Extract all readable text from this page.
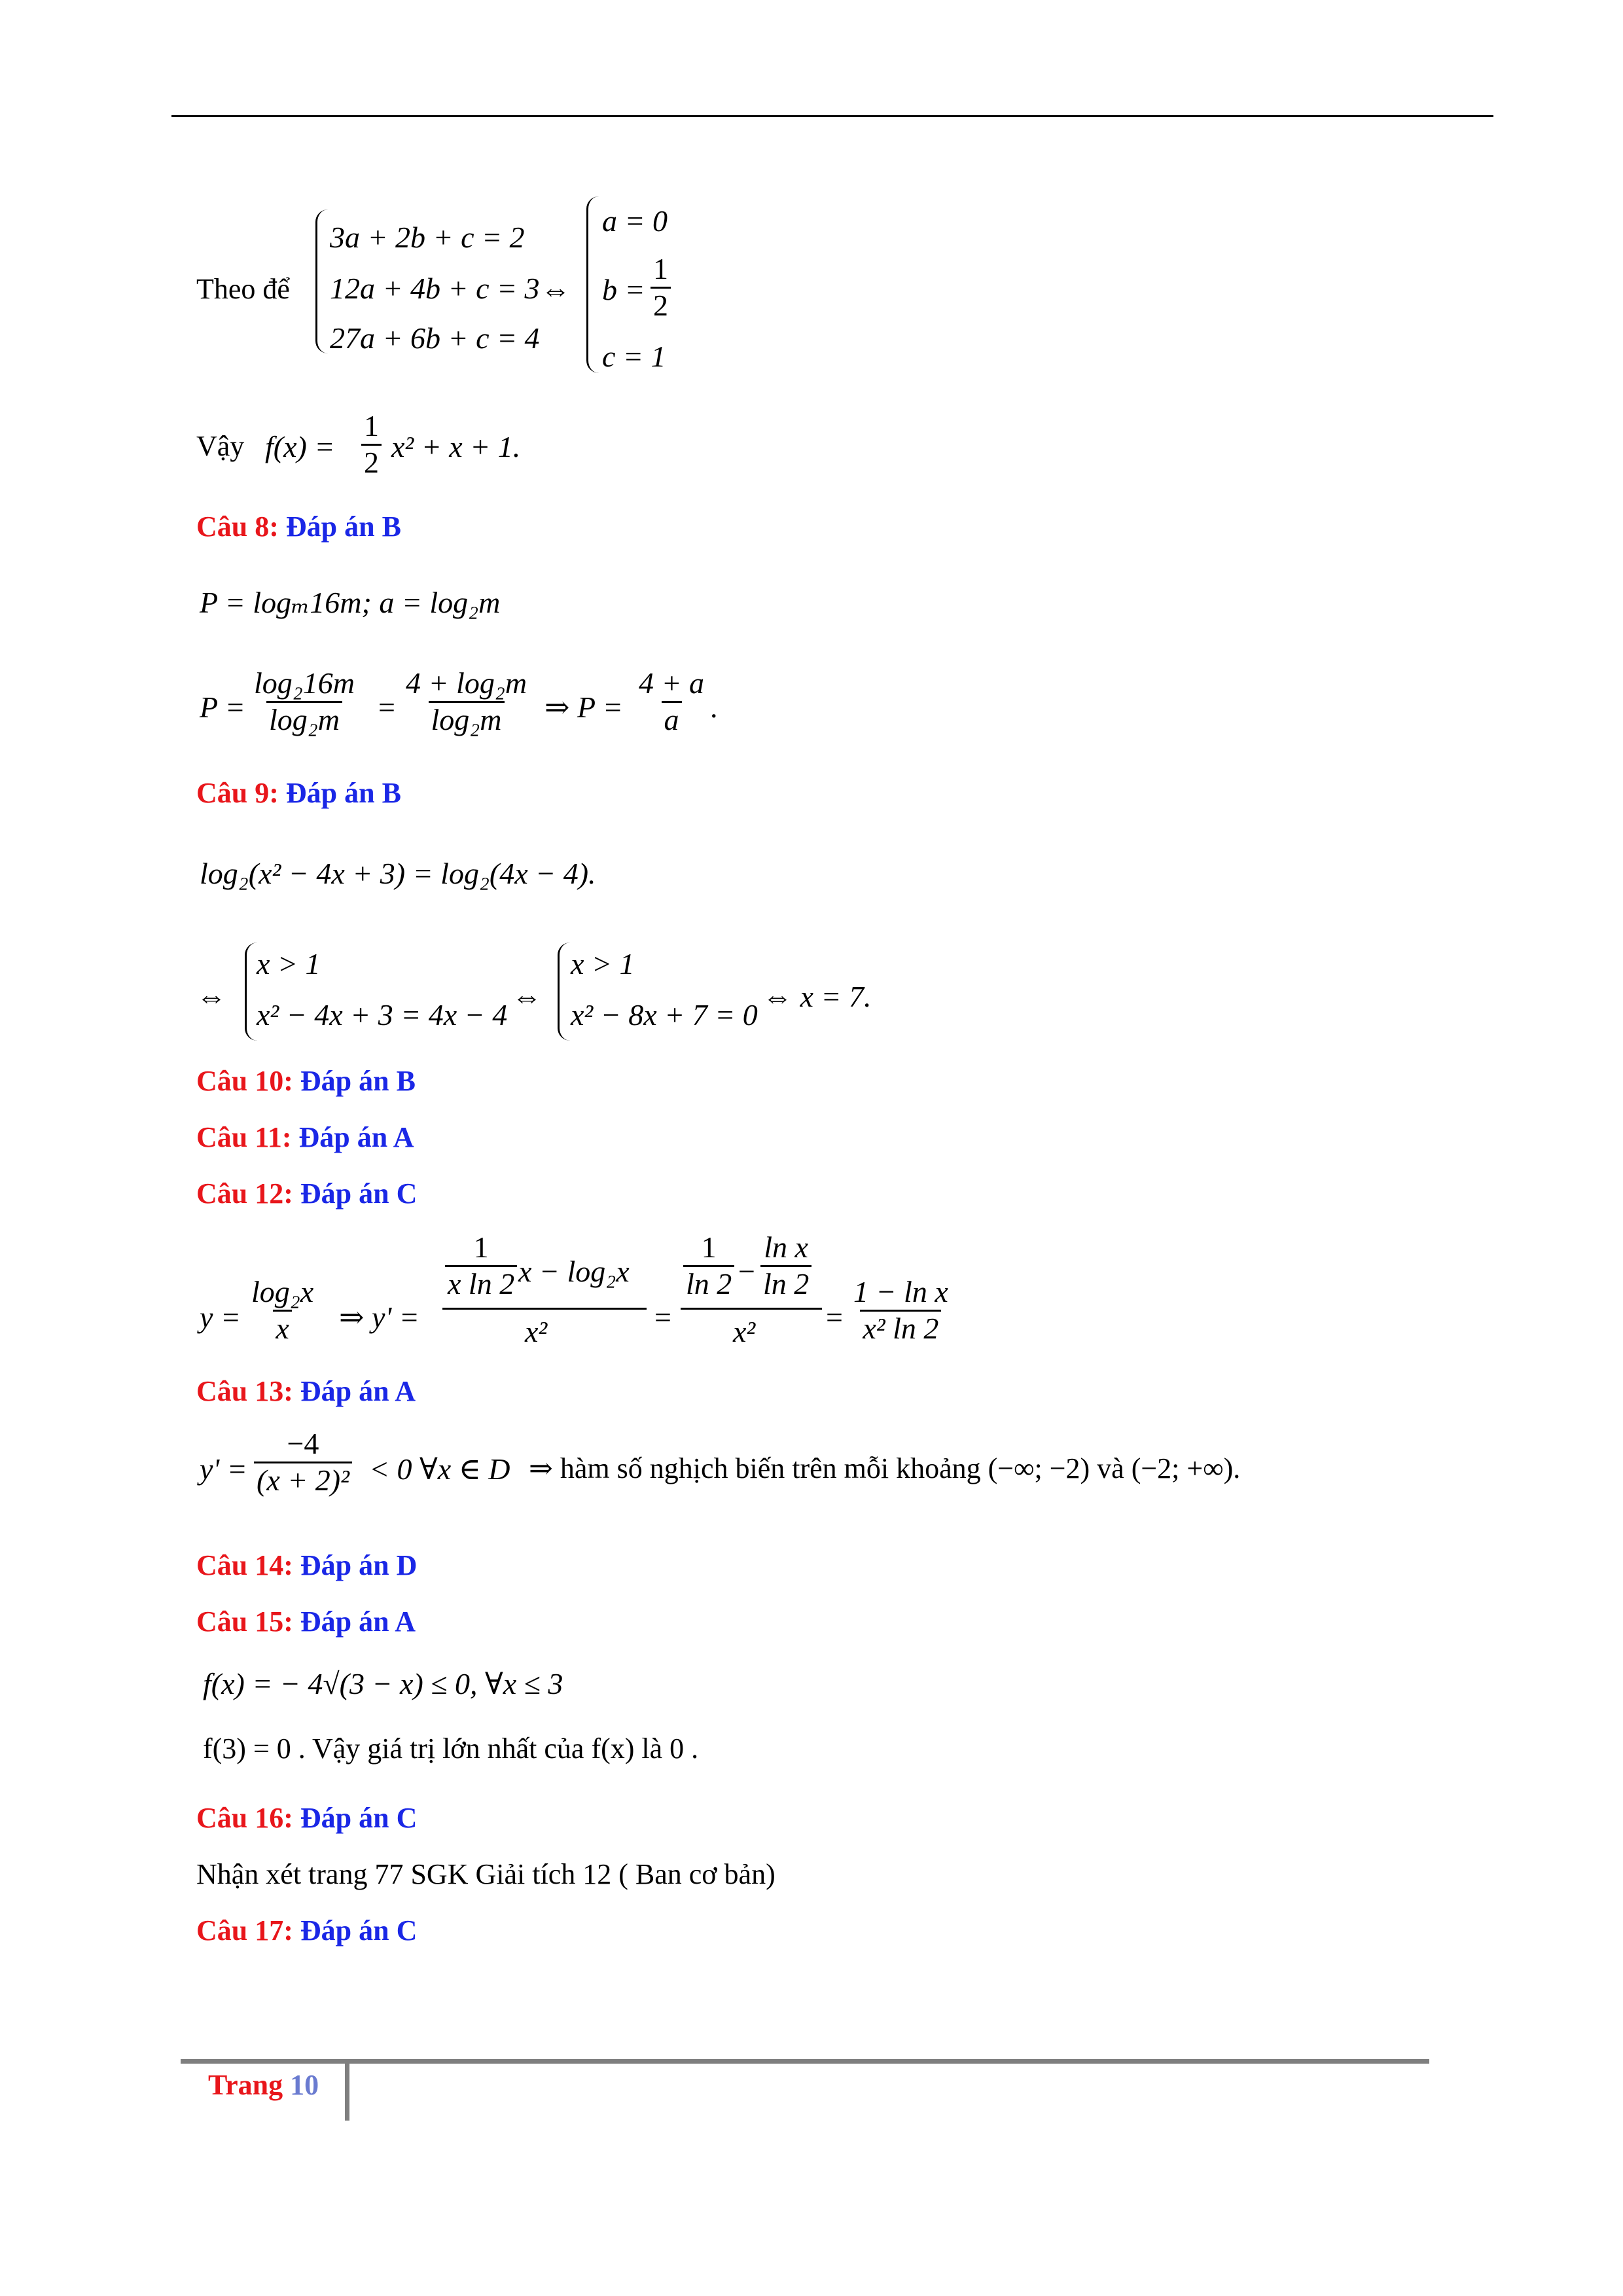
Theo để
3a + 2b + c = 2
12a + 4b + c = 3
27a + 6b + c = 4
⇔
a = 0
$b = \frac{1}{2}$
c = 1
Vậy $f(x) = \frac{1}{2} x^2 + x + 1$.
Câu 8: Đáp án B
P = logₘ16m; a = log₂m
$P = \frac{\text{log₂16m}}{\text{log₂m}} = \frac{\text{4 + log₂m}}{\text{log₂m}}$ ⇒ $P = \frac{4 + a}{a}$ .
Câu 9: Đáp án B
log₂(x² − 4x + 3) = log₂(4x − 4).
⇔
x > 1
x² − 4x + 3 = 4x − 4
⇔
x > 1
x² − 8x + 7 = 0
⇔ x = 7.
Câu 10: Đáp án B
Câu 11: Đáp án A
Câu 12: Đáp án C
$y = \frac{\text{log₂x}}{x}$ ⇒ y' =
$\frac{1}{\text{x ln 2}}$ x − log₂x
x²	=
$\frac{1}{\ln 2} - \frac{\text{ln x}}{\ln 2}$
$x^2 = \frac{\text{1 − ln x}}{\text{x² ln 2}}$
Câu 13: Đáp án A
$y' = \frac{-4}{\text{(x + 2)²}} < 0$ ∀x ∈ D ⇒ hàm số nghịch biến trên mỗi khoảng (−∞; −2) và (−2; +∞).
Câu 14: Đáp án D
Câu 15: Đáp án A
f(x) = − 4√(3 − x) ≤ 0, ∀x ≤ 3
f(3) = 0 . Vậy giá trị lớn nhất của f(x) là 0 .
Câu 16: Đáp án C
Nhận xét trang 77 SGK Giải tích 12 ( Ban cơ bản)
Câu 17: Đáp án C
Trang 10
